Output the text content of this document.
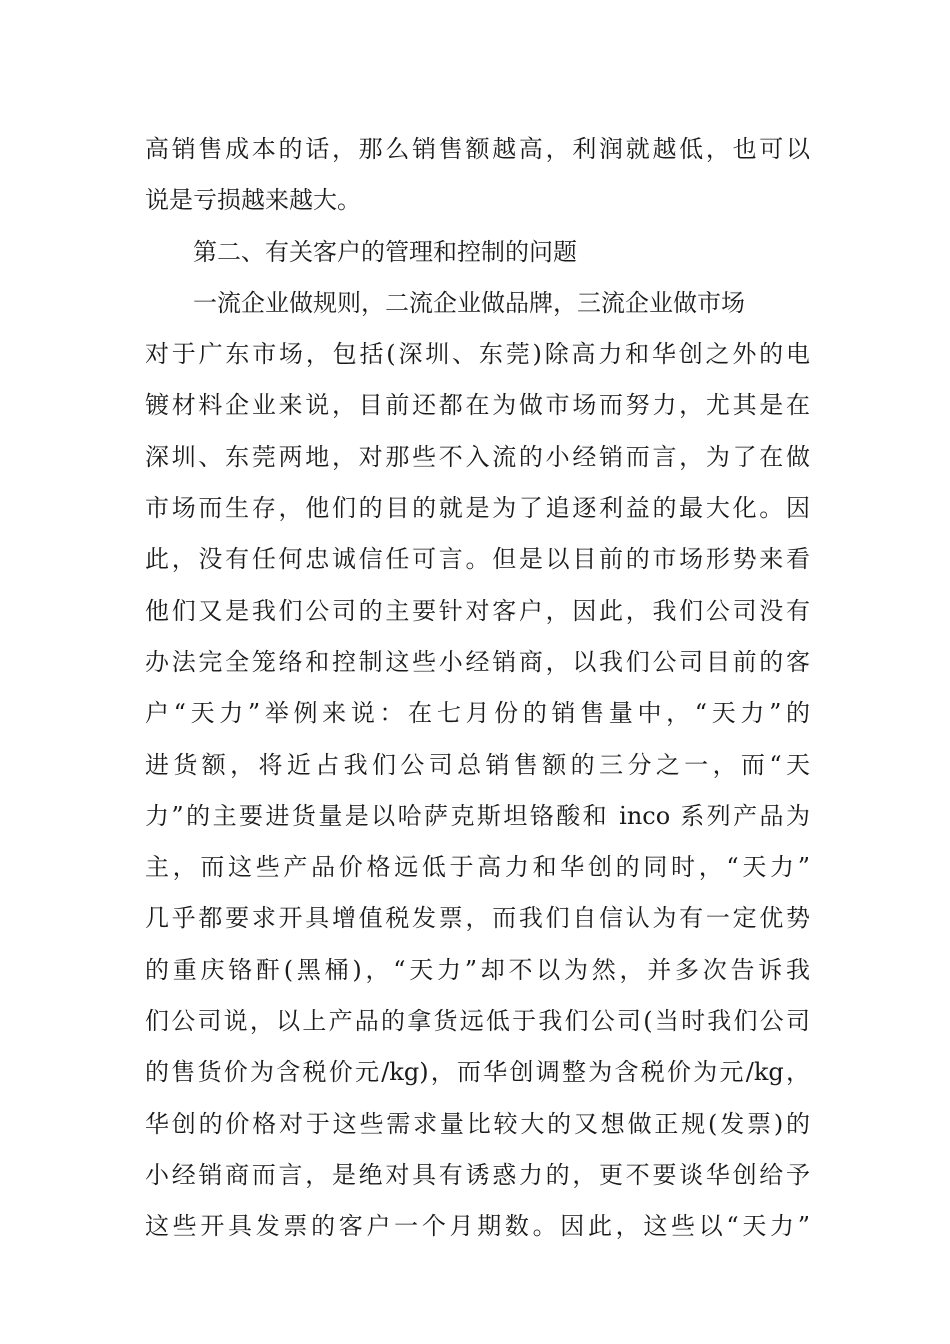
高销售成本的话，那么销售额越高，利润就越低，也可以
说是亏损越来越大。
第二、有关客户的管理和控制的问题
一流企业做规则，二流企业做品牌，三流企业做市场
对于广东市场，包括(深圳、东莞)除高力和华创之外的电
镀材料企业来说，目前还都在为做市场而努力，尤其是在
深圳、东莞两地，对那些不入流的小经销而言，为了在做
市场而生存，他们的目的就是为了追逐利益的最大化。因
此，没有任何忠诚信任可言。但是以目前的市场形势来看
他们又是我们公司的主要针对客户，因此，我们公司没有
办法完全笼络和控制这些小经销商，以我们公司目前的客
户“天力”举例来说：在七月份的销售量中，“天力”的
进货额，将近占我们公司总销售额的三分之一，而“天
力”的主要进货量是以哈萨克斯坦铬酸和 inco 系列产品为
主，而这些产品价格远低于高力和华创的同时，“天力”
几乎都要求开具增值税发票，而我们自信认为有一定优势
的重庆铬酐(黑桶)，“天力”却不以为然，并多次告诉我
们公司说，以上产品的拿货远低于我们公司(当时我们公司
的售货价为含税价元/kg)，而华创调整为含税价为元/kg，
华创的价格对于这些需求量比较大的又想做正规(发票)的
小经销商而言，是绝对具有诱惑力的，更不要谈华创给予
这些开具发票的客户一个月期数。因此，这些以“天力”
